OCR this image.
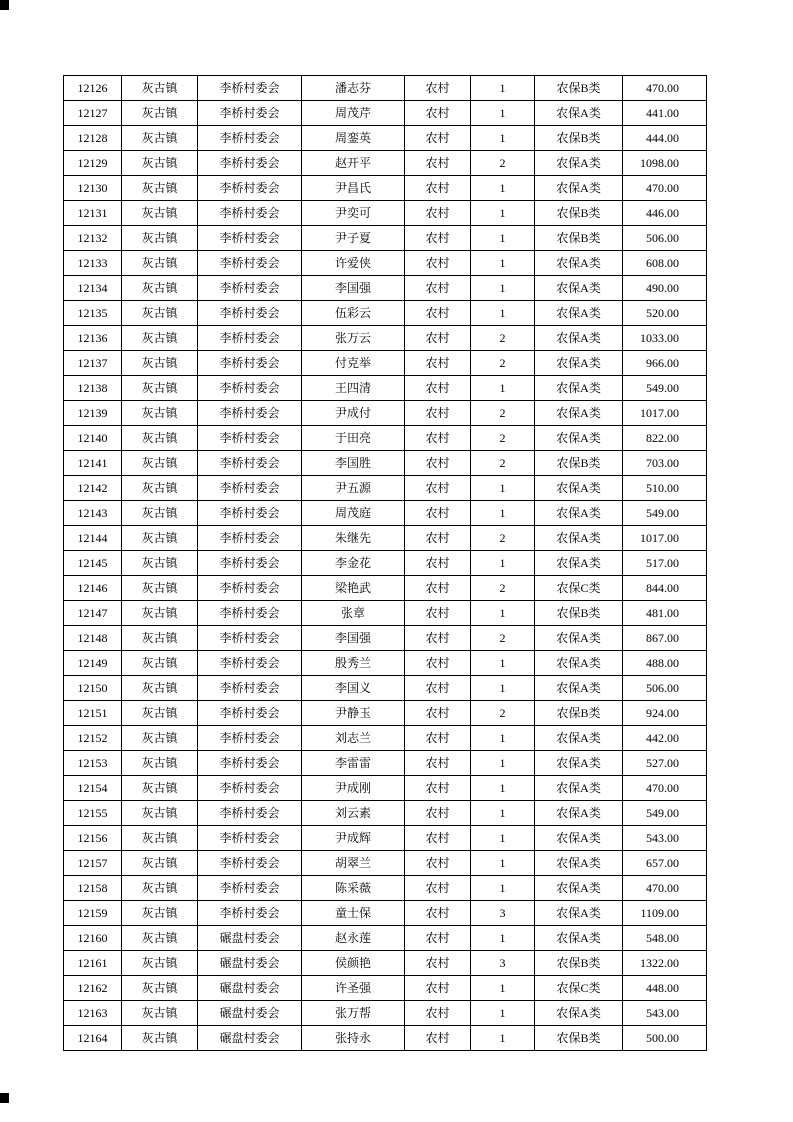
12126	灰古镇	李桥村委会	潘志芬	农村	1	农保B类	470.00
12127	灰古镇	李桥村委会	周茂芹	农村	1	农保A类	441.00
12128	灰古镇	李桥村委会	周銮英	农村	1	农保B类	444.00
12129	灰古镇	李桥村委会	赵开平	农村	2	农保A类	1098.00
12130	灰古镇	李桥村委会	尹昌氏	农村	1	农保A类	470.00
12131	灰古镇	李桥村委会	尹奕可	农村	1	农保B类	446.00
12132	灰古镇	李桥村委会	尹子夏	农村	1	农保B类	506.00
12133	灰古镇	李桥村委会	许爱侠	农村	1	农保A类	608.00
12134	灰古镇	李桥村委会	李国强	农村	1	农保A类	490.00
12135	灰古镇	李桥村委会	伍彩云	农村	1	农保A类	520.00
12136	灰古镇	李桥村委会	张万云	农村	2	农保A类	1033.00
12137	灰古镇	李桥村委会	付克举	农村	2	农保A类	966.00
12138	灰古镇	李桥村委会	王四清	农村	1	农保A类	549.00
12139	灰古镇	李桥村委会	尹成付	农村	2	农保A类	1017.00
12140	灰古镇	李桥村委会	于田亮	农村	2	农保A类	822.00
12141	灰古镇	李桥村委会	李国胜	农村	2	农保B类	703.00
12142	灰古镇	李桥村委会	尹五源	农村	1	农保A类	510.00
12143	灰古镇	李桥村委会	周茂庭	农村	1	农保A类	549.00
12144	灰古镇	李桥村委会	朱继先	农村	2	农保A类	1017.00
12145	灰古镇	李桥村委会	李金花	农村	1	农保A类	517.00
12146	灰古镇	李桥村委会	梁艳武	农村	2	农保C类	844.00
12147	灰古镇	李桥村委会	张章	农村	1	农保B类	481.00
12148	灰古镇	李桥村委会	李国强	农村	2	农保A类	867.00
12149	灰古镇	李桥村委会	殷秀兰	农村	1	农保A类	488.00
12150	灰古镇	李桥村委会	李国义	农村	1	农保A类	506.00
12151	灰古镇	李桥村委会	尹静玉	农村	2	农保B类	924.00
12152	灰古镇	李桥村委会	刘志兰	农村	1	农保A类	442.00
12153	灰古镇	李桥村委会	李雷雷	农村	1	农保A类	527.00
12154	灰古镇	李桥村委会	尹成刚	农村	1	农保A类	470.00
12155	灰古镇	李桥村委会	刘云素	农村	1	农保A类	549.00
12156	灰古镇	李桥村委会	尹成辉	农村	1	农保A类	543.00
12157	灰古镇	李桥村委会	胡翠兰	农村	1	农保A类	657.00
12158	灰古镇	李桥村委会	陈采薇	农村	1	农保A类	470.00
12159	灰古镇	李桥村委会	童士保	农村	3	农保A类	1109.00
12160	灰古镇	碾盘村委会	赵永莲	农村	1	农保A类	548.00
12161	灰古镇	碾盘村委会	侯颜艳	农村	3	农保B类	1322.00
12162	灰古镇	碾盘村委会	许圣强	农村	1	农保C类	448.00
12163	灰古镇	碾盘村委会	张万帮	农村	1	农保A类	543.00
12164	灰古镇	碾盘村委会	张持永	农村	1	农保B类	500.00
